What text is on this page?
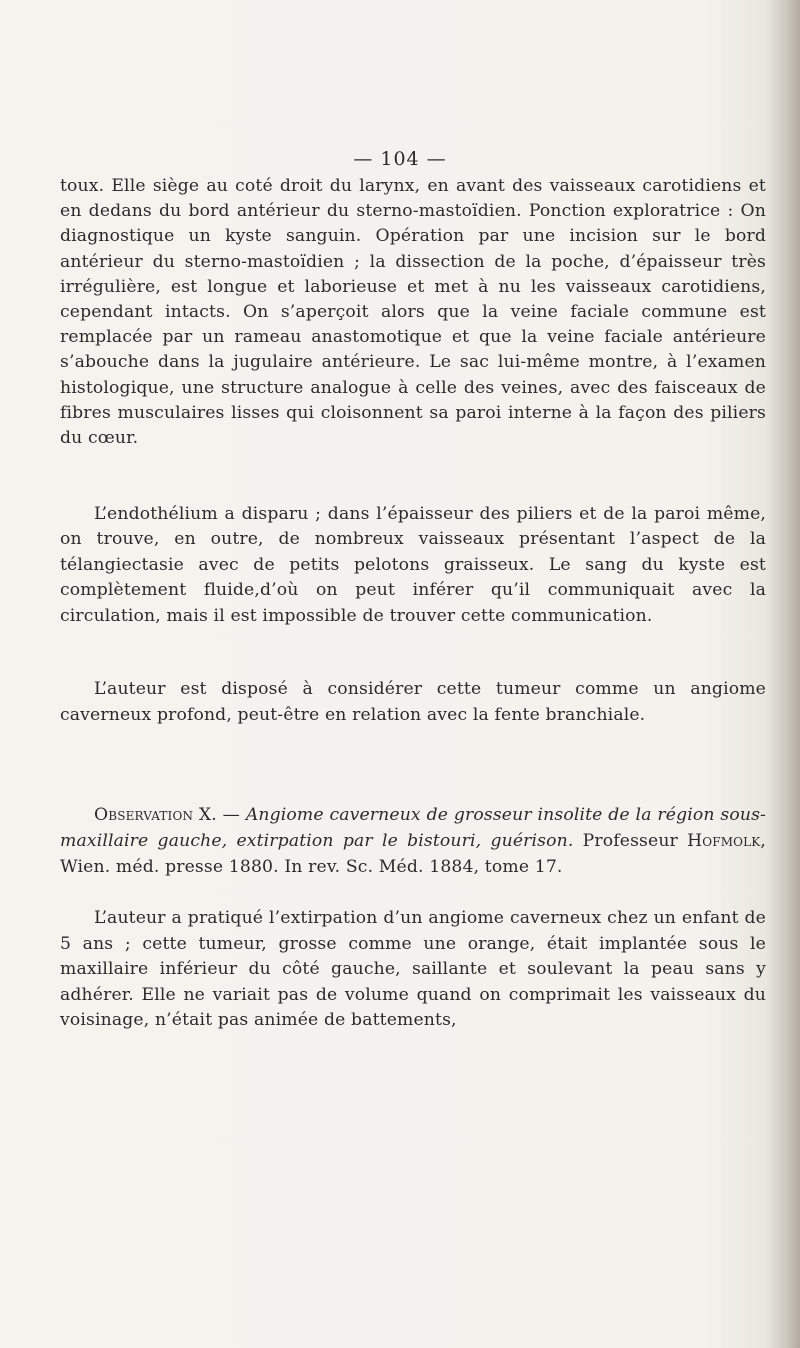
— 104 —

toux. Elle siège au coté droit du larynx, en avant des vaisseaux carotidiens et en dedans du bord antérieur du sterno-mastoïdien. Ponction exploratrice : On diagnostique un kyste sanguin. Opération par une incision sur le bord antérieur du sterno-mastoïdien ; la dissection de la poche, d’épaisseur très irrégulière, est longue et laborieuse et met à nu les vaisseaux carotidiens, cependant intacts. On s’aperçoit alors que la veine faciale commune est remplacée par un rameau anastomotique et que la veine faciale antérieure s’abouche dans la jugulaire antérieure. Le sac lui-même montre, à l’examen histologique, une structure analogue à celle des veines, avec des faisceaux de fibres musculaires lisses qui cloisonnent sa paroi interne à la façon des piliers du cœur.

L’endothélium a disparu ; dans l’épaisseur des piliers et de la paroi même, on trouve, en outre, de nombreux vaisseaux présentant l’aspect de la télangiectasie avec de petits pelotons graisseux. Le sang du kyste est complètement fluide,d’où on peut inférer qu’il communiquait avec la circulation, mais il est impossible de trouver cette communication.

L’auteur est disposé à considérer cette tumeur comme un angiome caverneux profond, peut-être en relation avec la fente branchiale.

Observation X. — Angiome caverneux de grosseur insolite de la région sous-maxillaire gauche, extirpation par le bistouri, guérison. Professeur Hofmolk, Wien. méd. presse 1880. In rev. Sc. Méd. 1884, tome 17.

L’auteur a pratiqué l’extirpation d’un angiome caverneux chez un enfant de 5 ans ; cette tumeur, grosse comme une orange, était implantée sous le maxillaire inférieur du côté gauche, saillante et soulevant la peau sans y adhérer. Elle ne variait pas de volume quand on comprimait les vaisseaux du voisinage, n’était pas animée de battements,
